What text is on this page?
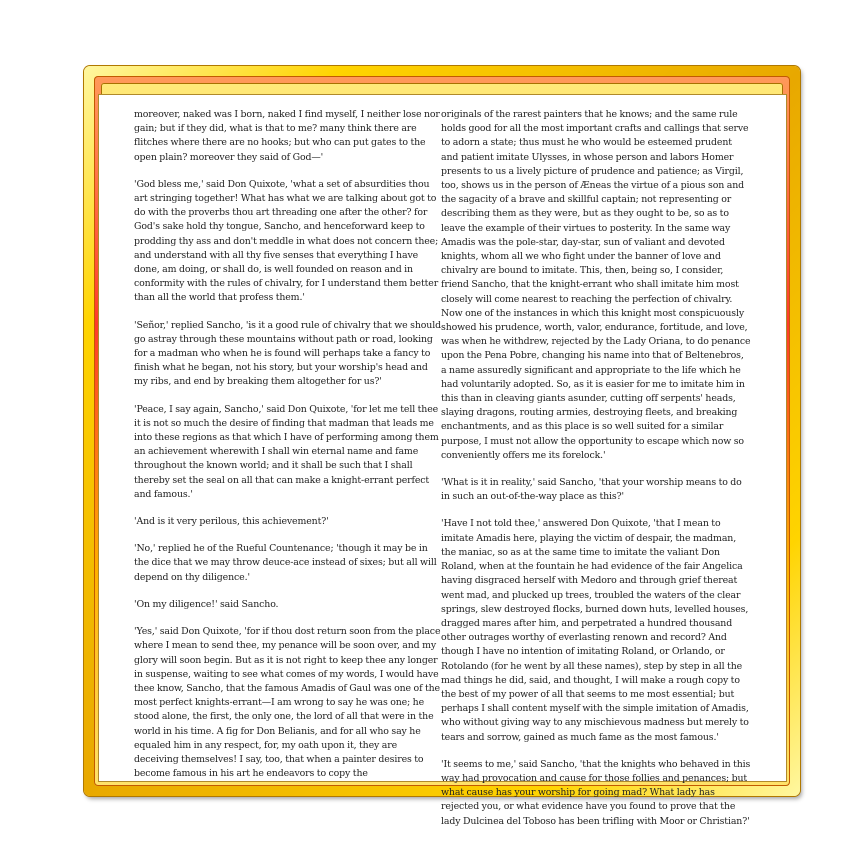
moreover, naked was I born, naked I find myself, I neither lose nor gain; but if they did, what is that to me? many think there are flitches where there are no hooks; but who can put gates to the open plain? moreover they said of God—'

'God bless me,' said Don Quixote, 'what a set of absurdities thou art stringing together! What has what we are talking about got to do with the proverbs thou art threading one after the other? for God's sake hold thy tongue, Sancho, and henceforward keep to prodding thy ass and don't meddle in what does not concern thee; and understand with all thy five senses that everything I have done, am doing, or shall do, is well founded on reason and in conformity with the rules of chivalry, for I understand them better than all the world that profess them.'

'Señor,' replied Sancho, 'is it a good rule of chivalry that we should go astray through these mountains without path or road, looking for a madman who when he is found will perhaps take a fancy to finish what he began, not his story, but your worship's head and my ribs, and end by breaking them altogether for us?'

'Peace, I say again, Sancho,' said Don Quixote, 'for let me tell thee it is not so much the desire of finding that madman that leads me into these regions as that which I have of performing among them an achievement wherewith I shall win eternal name and fame throughout the known world; and it shall be such that I shall thereby set the seal on all that can make a knight-errant perfect and famous.'

'And is it very perilous, this achievement?'

'No,' replied he of the Rueful Countenance; 'though it may be in the dice that we may throw deuce-ace instead of sixes; but all will depend on thy diligence.'

'On my diligence!' said Sancho.

'Yes,' said Don Quixote, 'for if thou dost return soon from the place where I mean to send thee, my penance will be soon over, and my glory will soon begin. But as it is not right to keep thee any longer in suspense, waiting to see what comes of my words, I would have thee know, Sancho, that the famous Amadis of Gaul was one of the most perfect knights-errant—I am wrong to say he was one; he stood alone, the first, the only one, the lord of all that were in the world in his time. A fig for Don Belianis, and for all who say he equaled him in any respect, for, my oath upon it, they are deceiving themselves! I say, too, that when a painter desires to become famous in his art he endeavors to copy the

originals of the rarest painters that he knows; and the same rule holds good for all the most important crafts and callings that serve to adorn a state; thus must he who would be esteemed prudent and patient imitate Ulysses, in whose person and labors Homer presents to us a lively picture of prudence and patience; as Virgil, too, shows us in the person of Æneas the virtue of a pious son and the sagacity of a brave and skillful captain; not representing or describing them as they were, but as they ought to be, so as to leave the example of their virtues to posterity. In the same way Amadis was the pole-star, day-star, sun of valiant and devoted knights, whom all we who fight under the banner of love and chivalry are bound to imitate. This, then, being so, I consider, friend Sancho, that the knight-errant who shall imitate him most closely will come nearest to reaching the perfection of chivalry. Now one of the instances in which this knight most conspicuously showed his prudence, worth, valor, endurance, fortitude, and love, was when he withdrew, rejected by the Lady Oriana, to do penance upon the Pena Pobre, changing his name into that of Beltenebros, a name assuredly significant and appropriate to the life which he had voluntarily adopted. So, as it is easier for me to imitate him in this than in cleaving giants asunder, cutting off serpents' heads, slaying dragons, routing armies, destroying fleets, and breaking enchantments, and as this place is so well suited for a similar purpose, I must not allow the opportunity to escape which now so conveniently offers me its forelock.'

'What is it in reality,' said Sancho, 'that your worship means to do in such an out-of-the-way place as this?'

'Have I not told thee,' answered Don Quixote, 'that I mean to imitate Amadis here, playing the victim of despair, the madman, the maniac, so as at the same time to imitate the valiant Don Roland, when at the fountain he had evidence of the fair Angelica having disgraced herself with Medoro and through grief thereat went mad, and plucked up trees, troubled the waters of the clear springs, slew destroyed flocks, burned down huts, levelled houses, dragged mares after him, and perpetrated a hundred thousand other outrages worthy of everlasting renown and record? And though I have no intention of imitating Roland, or Orlando, or Rotolando (for he went by all these names), step by step in all the mad things he did, said, and thought, I will make a rough copy to the best of my power of all that seems to me most essential; but perhaps I shall content myself with the simple imitation of Amadis, who without giving way to any mischievous madness but merely to tears and sorrow, gained as much fame as the most famous.'

'It seems to me,' said Sancho, 'that the knights who behaved in this way had provocation and cause for those follies and penances; but what cause has your worship for going mad? What lady has rejected you, or what evidence have you found to prove that the lady Dulcinea del Toboso has been trifling with Moor or Christian?'
